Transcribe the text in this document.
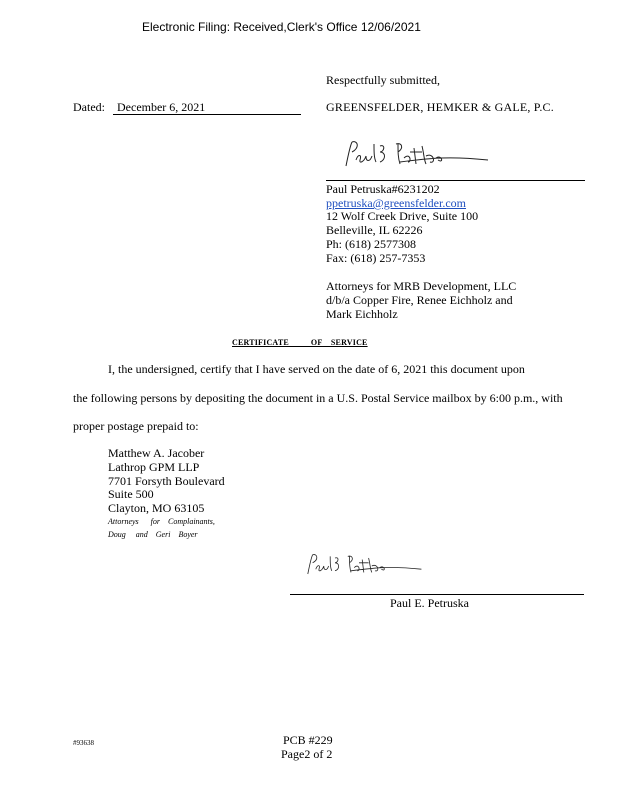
Electronic Filing: Received,Clerk's Office 12/06/2021
Respectfully submitted,
Dated:	December 6, 2021	GREENSFELDER, HEMKER & GALE, P.C.
Paul Petruska#6231202
ppetruska@greensfelder.com
12 Wolf Creek Drive, Suite 100
Belleville, IL 62226
Ph: (618) 2577308
Fax: (618) 257-7353
Attorneys for MRB Development, LLC
d/b/a Copper Fire, Renee Eichholz and
Mark Eichholz
CERTIFICATE          OF    SERVICE
I, the undersigned, certify that I have served on the date of 6, 2021 this document upon
the following persons by depositing the document in a U.S. Postal Service mailbox by 6:00 p.m., with
proper postage prepaid to:
Matthew A. Jacober
Lathrop GPM LLP
7701 Forsyth Boulevard
Suite 500
Clayton, MO 63105
Attorneys      for    Complainants,
Doug     and    Geri    Boyer
Paul E. Petruska
#93638	PCB #229
Page2 of 2
